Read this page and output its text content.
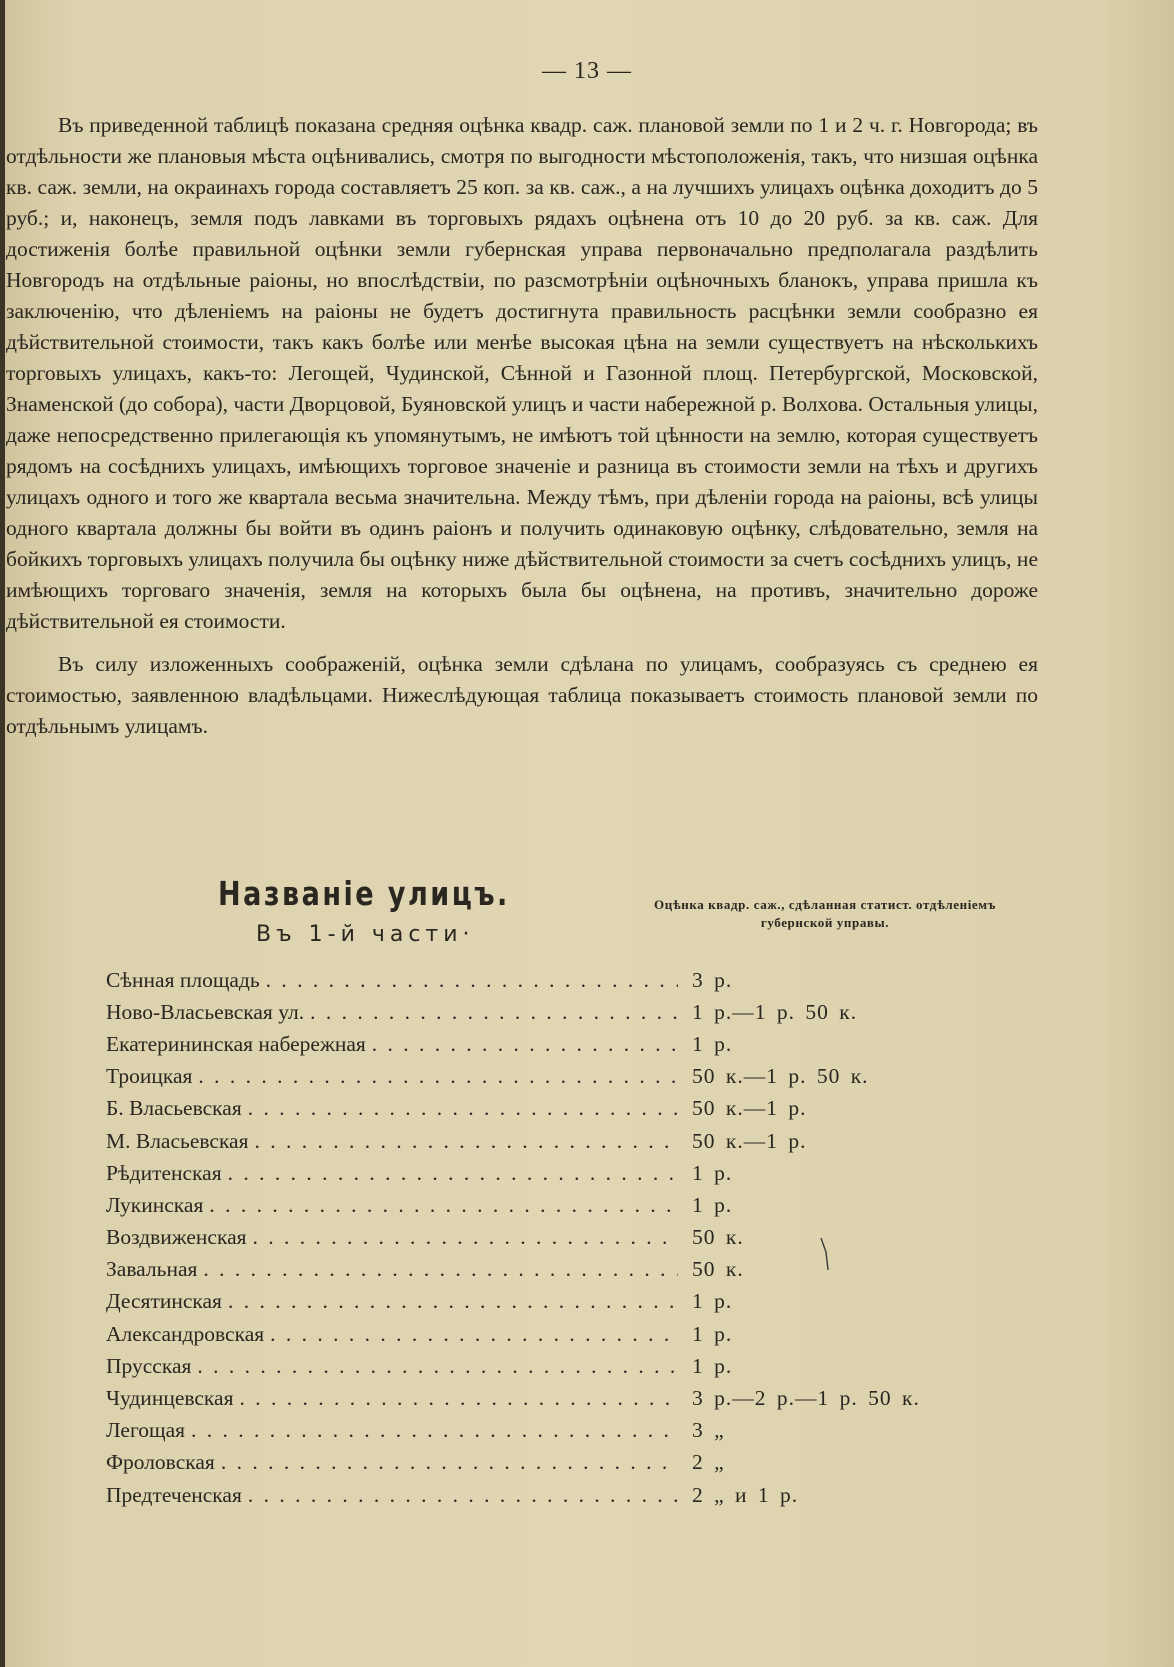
— 13 —

Въ приведенной таблицѣ показана средняя оцѣнка квадр. саж. плановой земли по 1 и 2 ч. г. Новгорода; въ отдѣльности же плановыя мѣста оцѣнивались, смотря по выгодности мѣстоположенія, такъ, что низшая оцѣнка кв. саж. земли, на окраинахъ города составляетъ 25 коп. за кв. саж., а на лучшихъ улицахъ оцѣнка доходитъ до 5 руб.; и, наконецъ, земля подъ лавками въ торговыхъ рядахъ оцѣнена отъ 10 до 20 руб. за кв. саж. Для достиженія болѣе правильной оцѣнки земли губернская управа первоначально предполагала раздѣлить Новгородъ на отдѣльные раіоны, но впослѣдствіи, по разсмотрѣніи оцѣночныхъ бланокъ, управа пришла къ заключенію, что дѣленіемъ на раіоны не будетъ достигнута правильность расцѣнки земли сообразно ея дѣйствительной стоимости, такъ какъ болѣе или менѣе высокая цѣна на земли существуетъ на нѣсколькихъ торговыхъ улицахъ, какъ-то: Легощей, Чудинской, Сѣнной и Газонной площ. Петербургской, Московской, Знаменской (до собора), части Дворцовой, Буяновской улицъ и части набережной р. Волхова. Остальныя улицы, даже непосредственно прилегающія къ упомянутымъ, не имѣютъ той цѣнности на землю, которая существуетъ рядомъ на сосѣднихъ улицахъ, имѣющихъ торговое значеніе и разница въ стоимости земли на тѣхъ и другихъ улицахъ одного и того же квартала весьма значительна. Между тѣмъ, при дѣленіи города на раіоны, всѣ улицы одного квартала должны бы войти въ одинъ раіонъ и получить одинаковую оцѣнку, слѣдовательно, земля на бойкихъ торговыхъ улицахъ получила бы оцѣнку ниже дѣйствительной стоимости за счетъ сосѣднихъ улицъ, не имѣющихъ торговаго значенія, земля на которыхъ была бы оцѣнена, на противъ, значительно дороже дѣйствительной ея стоимости.

Въ силу изложенныхъ соображеній, оцѣнка земли сдѣлана по улицамъ, сообразуясь съ среднею ея стоимостью, заявленною владѣльцами. Нижеслѣдующая таблица показываетъ стоимость плановой земли по отдѣльнымъ улицамъ.

Названіе улицъ.	Оцѣнка квадр. саж., сдѣланная статист. отдѣленіемъ губернской управы.
Въ 1-й части·
Сѣнная площадь . . .	3 р.
Ново-Власьевская ул. . . .	1 р.—1 р. 50 к.
Екатерининская набережная . . .	1 р.
Троицкая . . .	50 к.—1 р. 50 к.
Б. Власьевская . . .	50 к.—1 р.
М. Власьевская . . .	50 к.—1 р.
Рѣдитенская . . .	1 р.
Лукинская . . .	1 р.
Воздвиженская . . .	50 к.
Завальная . . .	50 к.
Десятинская . . .	1 р.
Александровская . . .	1 р.
Прусская . . .	1 р.
Чудинцевская . . .	3 р.—2 р.—1 р. 50 к.
Легощая . . .	3 „
Фроловская . . .	2 „
Предтеченская . . .	2 „ и 1 р.
